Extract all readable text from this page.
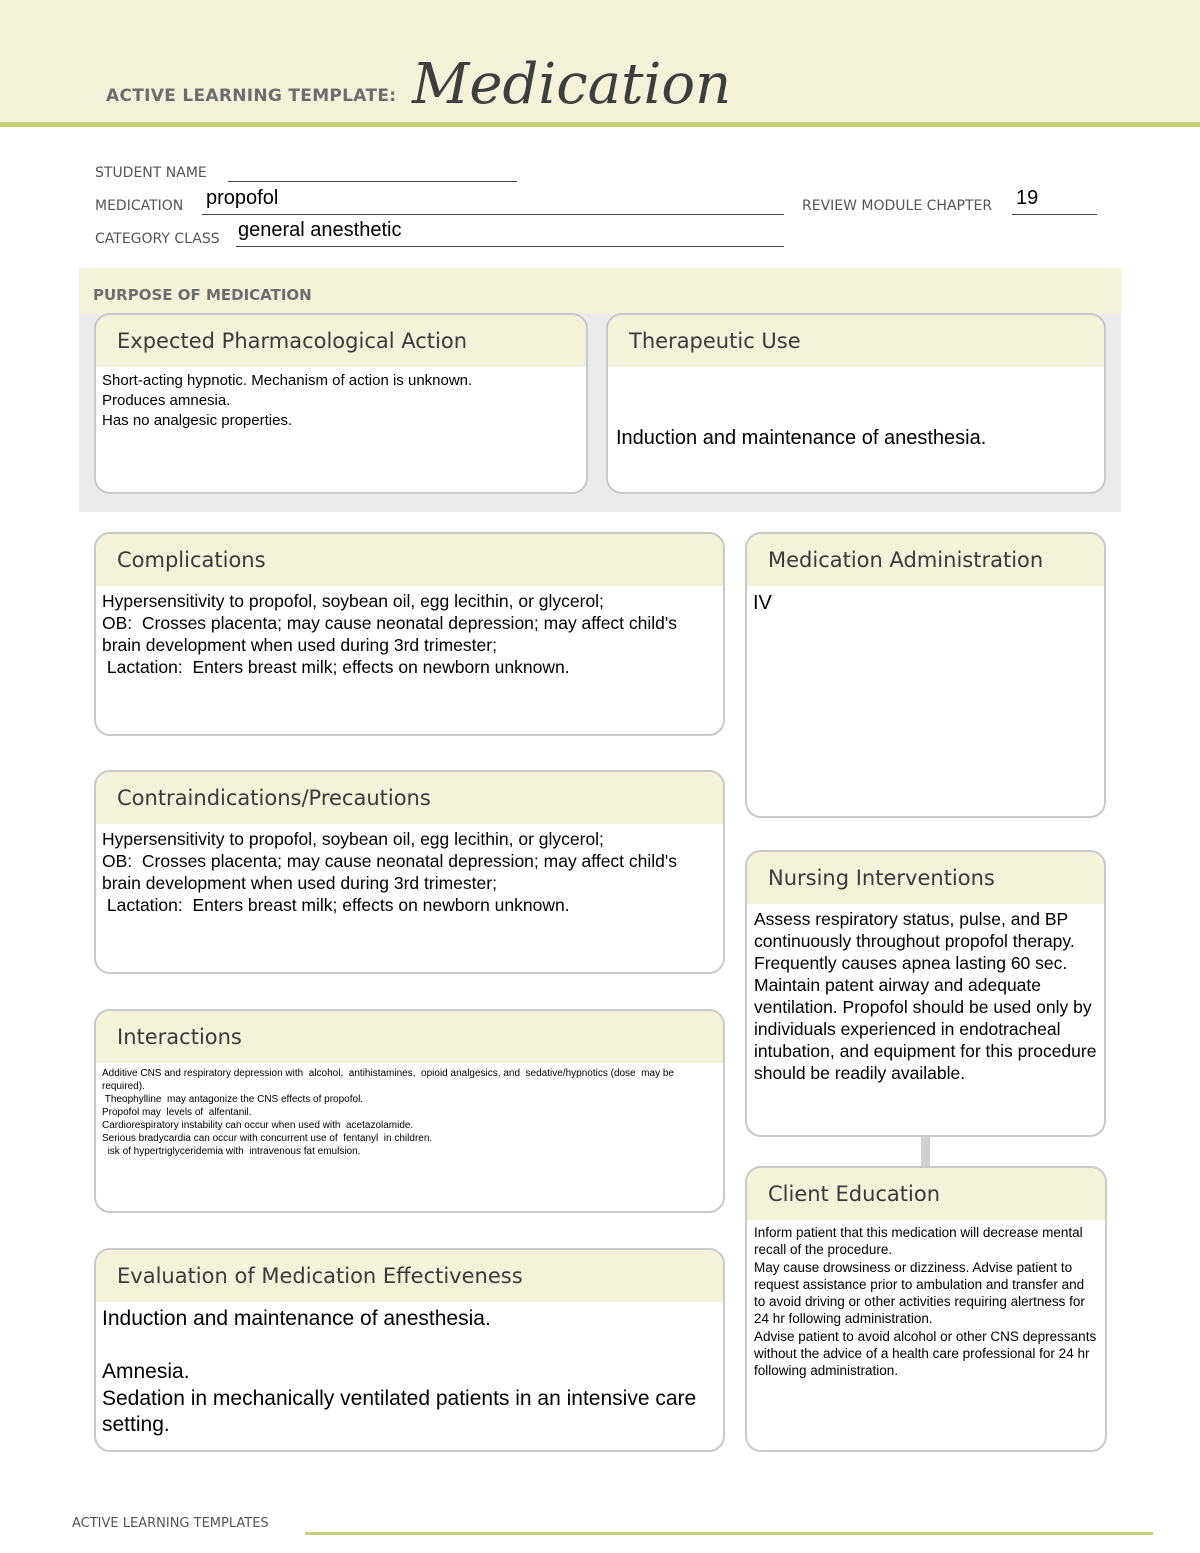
ACTIVE LEARNING TEMPLATE: Medication
STUDENT NAME
MEDICATION propofol	REVIEW MODULE CHAPTER 19
CATEGORY CLASS general anesthetic
PURPOSE OF MEDICATION
Expected Pharmacological Action
Short-acting hypnotic. Mechanism of action is unknown.
Produces amnesia.
Has no analgesic properties.
Therapeutic Use
Induction and maintenance of anesthesia.
Complications
Hypersensitivity to propofol, soybean oil, egg lecithin, or glycerol;
OB:  Crosses placenta; may cause neonatal depression; may affect child's brain development when used during 3rd trimester;
Lactation:  Enters breast milk; effects on newborn unknown.
Medication Administration
IV
Contraindications/Precautions
Hypersensitivity to propofol, soybean oil, egg lecithin, or glycerol;
OB:  Crosses placenta; may cause neonatal depression; may affect child's brain development when used during 3rd trimester;
Lactation:  Enters breast milk; effects on newborn unknown.
Nursing Interventions
Assess respiratory status, pulse, and BP continuously throughout propofol therapy. Frequently causes apnea lasting 60 sec. Maintain patent airway and adequate ventilation. Propofol should be used only by individuals experienced in endotracheal intubation, and equipment for this procedure should be readily available.
Interactions
Additive CNS and respiratory depression with  alcohol,  antihistamines,  opioid analgesics, and  sedative/hypnotics (dose  may be required).
Theophylline  may antagonize the CNS effects of propofol.
Propofol may  levels of  alfentanil.
Cardiorespiratory instability can occur when used with  acetazolamide.
Serious bradycardia can occur with concurrent use of  fentanyl  in children.
isk of hypertriglyceridemia with  intravenous fat emulsion.
Client Education
Inform patient that this medication will decrease mental recall of the procedure.
May cause drowsiness or dizziness. Advise patient to request assistance prior to ambulation and transfer and to avoid driving or other activities requiring alertness for 24 hr following administration.
Advise patient to avoid alcohol or other CNS depressants without the advice of a health care professional for 24 hr following administration.
Evaluation of Medication Effectiveness
Induction and maintenance of anesthesia.

Amnesia.
Sedation in mechanically ventilated patients in an intensive care setting.
ACTIVE LEARNING TEMPLATES
